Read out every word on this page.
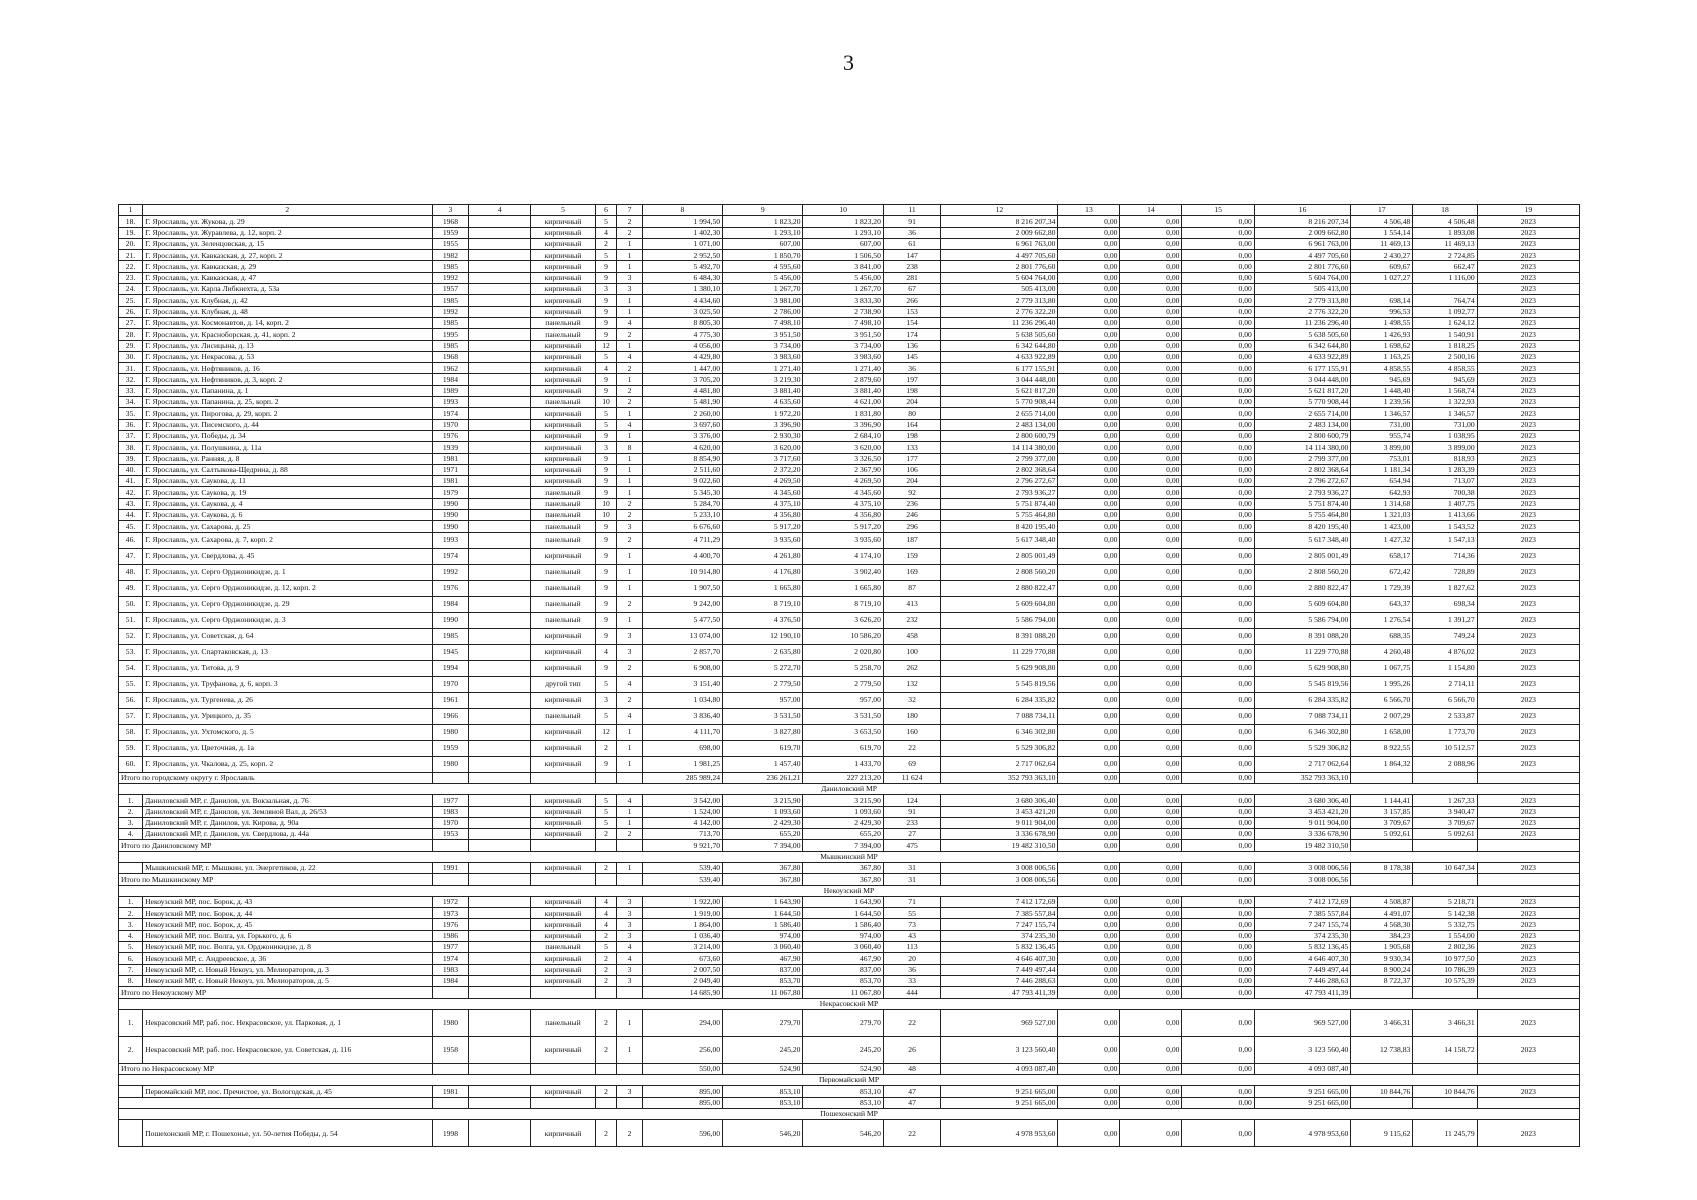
3
1	2	3	4	5	6	7	8	9	10	11	12	13	14	15	16	17	18	19
18.	Г. Ярославль, ул. Жукова, д. 29	1968		кирпичный	5	2	1 994,50	1 823,20	1 823,20	91	8 216 207,34	0,00	0,00	0,00	8 216 207,34	4 506,48	4 506,48	2023
19.	Г. Ярославль, ул. Журавлева, д. 12, корп. 2	1959		кирпичный	4	2	1 402,30	1 293,10	1 293,10	36	2 009 662,80	0,00	0,00	0,00	2 009 662,80	1 554,14	1 893,08	2023
20.	Г. Ярославль, ул. Зеленцовская, д. 15	1955		кирпичный	2	1	1 071,00	607,00	607,00	61	6 961 763,00	0,00	0,00	0,00	6 961 763,00	11 469,13	11 469,13	2023
21.	Г. Ярославль, ул. Кавказская, д. 27, корп. 2	1982		кирпичный	5	1	2 952,50	1 850,70	1 506,50	147	4 497 705,60	0,00	0,00	0,00	4 497 705,60	2 430,27	2 724,85	2023
22.	Г. Ярославль, ул. Кавказская, д. 29	1985		кирпичный	9	1	5 492,70	4 595,60	3 841,00	238	2 801 776,60	0,00	0,00	0,00	2 801 776,60	609,67	662,47	2023
23.	Г. Ярославль, ул. Кавказская, д. 47	1992		кирпичный	9	3	6 484,30	5 456,00	5 456,00	281	5 604 764,00	0,00	0,00	0,00	5 604 764,00	1 027,27	1 116,00	2023
24.	Г. Ярославль, ул. Карла Либкнехта, д. 53а	1957		кирпичный	3	3	1 380,10	1 267,70	1 267,70	67	505 413,00	0,00	0,00	0,00	505 413,00			2023
25.	Г. Ярославль, ул. Клубная, д. 42	1985		кирпичный	9	1	4 434,60	3 981,00	3 833,30	266	2 779 313,80	0,00	0,00	0,00	2 779 313,80	698,14	764,74	2023
26.	Г. Ярославль, ул. Клубная, д. 48	1992		кирпичный	9	1	3 025,50	2 786,00	2 738,90	153	2 776 322,20	0,00	0,00	0,00	2 776 322,20	996,53	1 092,77	2023
27.	Г. Ярославль, ул. Космонавтов, д. 14, корп. 2	1985		панельный	9	4	8 805,30	7 498,10	7 498,10	154	11 236 296,40	0,00	0,00	0,00	11 236 296,40	1 498,55	1 624,12	2023
28.	Г. Ярославль, ул. Красноборская, д. 41, корп. 2	1995		панельный	9	2	4 775,30	3 951,50	3 951,50	174	5 638 505,60	0,00	0,00	0,00	5 638 505,60	1 426,93	1 540,91	2023
29.	Г. Ярославль, ул. Лисицына, д. 13	1985		кирпичный	12	1	4 056,00	3 734,00	3 734,00	136	6 342 644,80	0,00	0,00	0,00	6 342 644,80	1 698,62	1 818,25	2023
30.	Г. Ярославль, ул. Некрасова, д. 53	1968		кирпичный	5	4	4 429,80	3 983,60	3 983,60	145	4 633 922,89	0,00	0,00	0,00	4 633 922,89	1 163,25	2 500,16	2023
31.	Г. Ярославль, ул. Нефтяников, д. 16	1962		кирпичный	4	2	1 447,00	1 271,40	1 271,40	36	6 177 155,91	0,00	0,00	0,00	6 177 155,91	4 858,55	4 858,55	2023
32.	Г. Ярославль, ул. Нефтяников, д. 3, корп. 2	1984		кирпичный	9	1	3 705,20	3 219,30	2 879,60	197	3 044 448,00	0,00	0,00	0,00	3 044 448,00	945,69	945,69	2023
33.	Г. Ярославль, ул. Папанина, д. 1	1989		кирпичный	9	2	4 481,80	3 881,40	3 881,40	198	5 621 817,20	0,00	0,00	0,00	5 621 817,20	1 448,40	1 568,74	2023
34.	Г. Ярославль, ул. Папанина, д. 25, корп. 2	1993		панельный	10	2	5 481,90	4 635,60	4 621,00	204	5 770 908,44	0,00	0,00	0,00	5 770 908,44	1 239,56	1 322,93	2023
35.	Г. Ярославль, ул. Пирогова, д. 29, корп. 2	1974		кирпичный	5	1	2 260,00	1 972,20	1 831,80	80	2 655 714,00	0,00	0,00	0,00	2 655 714,00	1 346,57	1 346,57	2023
36.	Г. Ярославль, ул. Писемского, д. 44	1970		кирпичный	5	4	3 697,60	3 396,90	3 396,90	164	2 483 134,00	0,00	0,00	0,00	2 483 134,00	731,00	731,00	2023
37.	Г. Ярославль, ул. Победы, д. 34	1976		кирпичный	9	1	3 376,00	2 930,30	2 684,10	198	2 800 600,79	0,00	0,00	0,00	2 800 600,79	955,74	1 038,95	2023
38.	Г. Ярославль, ул. Полушкина, д. 11а	1939		кирпичный	3	8	4 620,00	3 620,00	3 620,00	133	14 114 380,00	0,00	0,00	0,00	14 114 380,00	3 899,00	3 899,00	2023
39.	Г. Ярославль, ул. Ранняя, д. 8	1981		кирпичный	9	1	8 854,90	3 717,60	3 326,50	177	2 799 377,00	0,00	0,00	0,00	2 799 377,00	753,01	818,93	2023
40.	Г. Ярославль, ул. Салтыкова-Щедрина, д. 88	1971		кирпичный	9	1	2 511,60	2 372,20	2 367,90	106	2 802 368,64	0,00	0,00	0,00	2 802 368,64	1 181,34	1 283,39	2023
41.	Г. Ярославль, ул. Саукова, д. 11	1981		кирпичный	9	1	9 022,60	4 269,50	4 269,50	204	2 796 272,67	0,00	0,00	0,00	2 796 272,67	654,94	713,07	2023
42.	Г. Ярославль, ул. Саукова, д. 19	1979		панельный	9	1	5 345,30	4 345,60	4 345,60	92	2 793 936,27	0,00	0,00	0,00	2 793 936,27	642,93	700,38	2023
43.	Г. Ярославль, ул. Саукова, д. 4	1990		панельный	10	2	5 284,70	4 375,10	4 375,10	236	5 751 874,40	0,00	0,00	0,00	5 751 874,40	1 314,68	1 407,75	2023
44.	Г. Ярославль, ул. Саукова, д. 6	1990		панельный	10	2	5 233,10	4 356,80	4 356,80	246	5 755 464,80	0,00	0,00	0,00	5 755 464,80	1 321,03	1 413,66	2023
45.	Г. Ярославль, ул. Сахарова, д. 25	1990		панельный	9	3	6 676,60	5 917,20	5 917,20	296	8 420 195,40	0,00	0,00	0,00	8 420 195,40	1 423,00	1 543,52	2023
46.	Г. Ярославль, ул. Сахарова, д. 7, корп. 2	1993		панельный	9	2	4 711,29	3 935,60	3 935,60	187	5 617 348,40	0,00	0,00	0,00	5 617 348,40	1 427,32	1 547,13	2023
47.	Г. Ярославль, ул. Свердлова, д. 45	1974		кирпичный	9	1	4 400,70	4 261,80	4 174,10	159	2 805 001,49	0,00	0,00	0,00	2 805 001,49	658,17	714,36	2023
48.	Г. Ярославль, ул. Серго Орджоникидзе, д. 1	1992		панельный	9	1	10 914,80	4 176,80	3 902,40	169	2 808 560,20	0,00	0,00	0,00	2 808 560,20	672,42	728,89	2023
49.	Г. Ярославль, ул. Серго Орджоникидзе, д. 12, корп. 2	1976		панельный	9	1	1 907,50	1 665,80	1 665,80	87	2 880 822,47	0,00	0,00	0,00	2 880 822,47	1 729,39	1 827,62	2023
50.	Г. Ярославль, ул. Серго Орджоникидзе, д. 29	1984		панельный	9	2	9 242,00	8 719,10	8 719,10	413	5 609 604,80	0,00	0,00	0,00	5 609 604,80	643,37	698,34	2023
51.	Г. Ярославль, ул. Серго Орджоникидзе, д. 3	1990		панельный	9	1	5 477,50	4 376,50	3 626,20	232	5 586 794,00	0,00	0,00	0,00	5 586 794,00	1 276,54	1 391,27	2023
52.	Г. Ярославль, ул. Советская, д. 64	1985		кирпичный	9	3	13 074,00	12 190,10	10 586,20	458	8 391 088,20	0,00	0,00	0,00	8 391 088,20	688,35	749,24	2023
53.	Г. Ярославль, ул. Спартаковская, д. 13	1945		кирпичный	4	3	2 857,70	2 635,80	2 020,80	100	11 229 770,88	0,00	0,00	0,00	11 229 770,88	4 260,48	4 876,02	2023
54.	Г. Ярославль, ул. Титова, д. 9	1994		кирпичный	9	2	6 908,00	5 272,70	5 258,70	262	5 629 908,80	0,00	0,00	0,00	5 629 908,80	1 067,75	1 154,80	2023
55.	Г. Ярославль, ул. Труфанова, д. 6, корп. 3	1970		другой тип	5	4	3 151,40	2 779,50	2 779,50	132	5 545 819,56	0,00	0,00	0,00	5 545 819,56	1 995,26	2 714,11	2023
56.	Г. Ярославль, ул. Тургенева, д. 26	1961		кирпичный	3	2	1 034,80	957,00	957,00	32	6 284 335,82	0,00	0,00	0,00	6 284 335,82	6 566,70	6 566,70	2023
57.	Г. Ярославль, ул. Урицкого, д. 35	1966		панельный	5	4	3 836,40	3 531,50	3 531,50	180	7 088 734,11	0,00	0,00	0,00	7 088 734,11	2 007,29	2 533,87	2023
58.	Г. Ярославль, ул. Ухтомского, д. 5	1980		кирпичный	12	1	4 111,70	3 827,80	3 653,50	160	6 346 302,80	0,00	0,00	0,00	6 346 302,80	1 658,00	1 773,70	2023
59.	Г. Ярославль, ул. Цветочная, д. 1а	1959		кирпичный	2	1	698,00	619,70	619,70	22	5 529 306,82	0,00	0,00	0,00	5 529 306,82	8 922,55	10 512,57	2023
60.	Г. Ярославль, ул. Чкалова, д. 25, корп. 2	1980		кирпичный	9	1	1 981,25	1 457,40	1 433,70	69	2 717 062,64	0,00	0,00	0,00	2 717 062,64	1 864,32	2 088,96	2023
Итого по городскому округу г. Ярославль							285 989,24	236 261,21	227 213,20	11 624	352 793 363,10	0,00	0,00	0,00	352 793 363,10			
Даниловский МР																		
1.	Даниловский МР, г. Данилов, ул. Вокзальная, д. 76	1977		кирпичный	5	4	3 542,00	3 215,90	3 215,90	124	3 680 306,40	0,00	0,00	0,00	3 680 306,40	1 144,41	1 267,33	2023
2.	Даниловский МР, г. Данилов, ул. Земляной Вал, д. 26/53	1983		кирпичный	5	1	1 524,00	1 093,60	1 093,60	91	3 453 421,20	0,00	0,00	0,00	3 453 421,20	3 157,85	3 940,47	2023
3.	Даниловский МР, г. Данилов, ул. Кирова, д. 90а	1970		кирпичный	5	1	4 142,00	2 429,30	2 429,30	233	9 011 904,00	0,00	0,00	0,00	9 011 904,00	3 709,67	3 709,67	2023
4.	Даниловский МР, г. Данилов, ул. Свердлова, д. 44а	1953		кирпичный	2	2	713,70	655,20	655,20	27	3 336 678,90	0,00	0,00	0,00	3 336 678,90	5 092,61	5 092,61	2023
Итого по Даниловскому МР							9 921,70	7 394,00	7 394,00	475	19 482 310,50	0,00	0,00	0,00	19 482 310,50			
Мышкинский МР																		
	Мышкинский МР, г. Мышкин, ул. Энергетиков, д. 22	1991		кирпичный	2	1	539,40	367,80	367,80	31	3 008 006,56	0,00	0,00	0,00	3 008 006,56	8 178,38	10 647,34	2023
Итого по Мышкинскому МР							539,40	367,80	367,80	31	3 008 006,56	0,00	0,00	0,00	3 008 006,56			
Некоузский МР																		
1.	Некоузский МР, пос. Борок, д. 43	1972		кирпичный	4	3	1 922,00	1 643,90	1 643,90	71	7 412 172,69	0,00	0,00	0,00	7 412 172,69	4 508,87	5 218,71	2023
2.	Некоузский МР, пос. Борок, д. 44	1973		кирпичный	4	3	1 919,00	1 644,50	1 644,50	55	7 385 557,84	0,00	0,00	0,00	7 385 557,84	4 491,07	5 142,38	2023
3.	Некоузский МР, пос. Борок, д. 45	1976		кирпичный	4	3	1 864,00	1 586,40	1 586,40	73	7 247 155,74	0,00	0,00	0,00	7 247 155,74	4 568,30	5 332,75	2023
4.	Некоузский МР, пос. Волга, ул. Горького, д. 6	1986		кирпичный	2	3	1 036,40	974,00	974,00	43	374 235,30	0,00	0,00	0,00	374 235,30	384,23	1 554,00	2023
5.	Некоузский МР, пос. Волга, ул. Орджоникидзе, д. 8	1977		панельный	5	4	3 214,00	3 060,40	3 060,40	113	5 832 136,45	0,00	0,00	0,00	5 832 136,45	1 905,68	2 802,36	2023
6.	Некоузский МР, с. Андреевское, д. 36	1974		кирпичный	2	4	673,60	467,90	467,90	20	4 646 407,30	0,00	0,00	0,00	4 646 407,30	9 930,34	10 977,50	2023
7.	Некоузский МР, с. Новый Некоуз, ул. Мелиораторов, д. 3	1983		кирпичный	2	3	2 007,50	837,00	837,00	36	7 449 497,44	0,00	0,00	0,00	7 449 497,44	8 900,24	10 786,39	2023
8.	Некоузский МР, с. Новый Некоуз, ул. Мелиораторов, д. 5	1984		кирпичный	2	3	2 049,40	853,70	853,70	33	7 446 288,63	0,00	0,00	0,00	7 446 288,63	8 722,37	10 575,39	2023
Итого по Некоузскому МР							14 685,90	11 067,80	11 067,80	444	47 793 411,39	0,00	0,00	0,00	47 793 411,39			
Некрасовский МР																		
1.	Некрасовский МР, раб. пос. Некрасовское, ул. Парковая, д. 1	1980		панельный	2	1	294,00	279,70	279,70	22	969 527,00	0,00	0,00	0,00	969 527,00	3 466,31	3 466,31	2023
2.	Некрасовский МР, раб. пос. Некрасовское, ул. Советская, д. 116	1958		кирпичный	2	1	256,00	245,20	245,20	26	3 123 560,40	0,00	0,00	0,00	3 123 560,40	12 738,83	14 158,72	2023
Итого по Некрасовскому МР							550,00	524,90	524,90	48	4 093 087,40	0,00	0,00	0,00	4 093 087,40			
Первомайский МР																		
	Первомайский МР, пос. Пречистое, ул. Вологодская, д. 45	1981		кирпичный	2	3	895,00	853,10	853,10	47	9 251 665,00	0,00	0,00	0,00	9 251 665,00	10 844,76	10 844,76	2023
							895,00	853,10	853,10	47	9 251 665,00	0,00	0,00	0,00	9 251 665,00			
Пошехонский МР																		
	Пошехонский МР, г. Пошехонье, ул. 50-летия Победы, д. 54	1998		кирпичный	2	2	596,00	546,20	546,20	22	4 978 953,60	0,00	0,00	0,00	4 978 953,60	9 115,62	11 245,79	2023
